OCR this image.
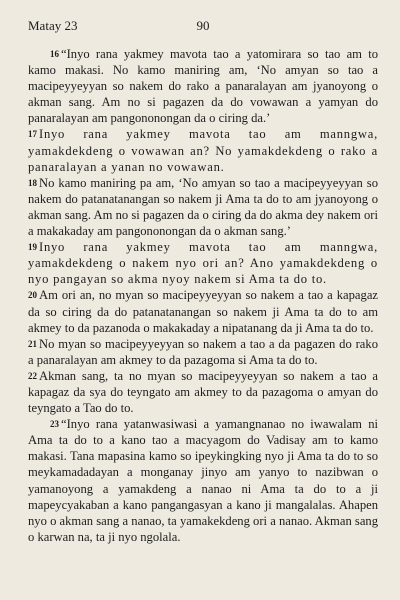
Matay 23	90

16 “Inyo rana yakmey mavota tao a yatomirara so tao am to kamo makasi. No kamo maniring am, ‘No amyan so tao a macipeyyeyyan so nakem do rako a panaralayan am jyanoyong o akman sang. Am no si pagazen da do vowawan a yamyan do panaralayan am pangononongan da o ciring da.’

17 Inyo rana yakmey mavota tao am manngwa, yamakdekdeng o vowawan an? No yamakdekdeng o rako a panaralayan a yanan no vowawan.

18 No kamo maniring pa am, ‘No amyan so tao a macipeyyeyyan so nakem do patanatanangan so nakem ji Ama ta do to am jyanoyong o akman sang. Am no si pagazen da o ciring da do akma dey nakem ori a makakaday am pangononongan da o akman sang.’

19 Inyo rana yakmey mavota tao am manngwa, yamakdekdeng o nakem nyo ori an? Ano yamakdekdeng o nyo pangayan so akma nyoy nakem si Ama ta do to.

20 Am ori an, no myan so macipeyyeyyan so nakem a tao a kapagaz da so ciring da do patanatanangan so nakem ji Ama ta do to am akmey to da pazanoda o makakaday a nipatanang da ji Ama ta do to.

21 No myan so macipeyyeyyan so nakem a tao a da pagazen do rako a panaralayan am akmey to da pazagoma si Ama ta do to.

22 Akman sang, ta no myan so macipeyyeyyan so nakem a tao a kapagaz da sya do teyngato am akmey to da pazagoma o amyan do teyngato a Tao do to.

23 “Inyo rana yatanwasiwasi a yamangnanao no iwawalam ni Ama ta do to a kano tao a macyagom do Vadisay am to kamo makasi. Tana mapasina kamo so ipeykingking nyo ji Ama ta do to so meykamadadayan a monganay jinyo am yanyo to nazibwan o yamanoyong a yamakdeng a nanao ni Ama ta do to a ji mapeycyakaban a kano pangangasyan a kano ji mangalalas. Ahapen nyo o akman sang a nanao, ta yamakekdeng ori a nanao. Akman sang o karwan na, ta ji nyo ngolala.
